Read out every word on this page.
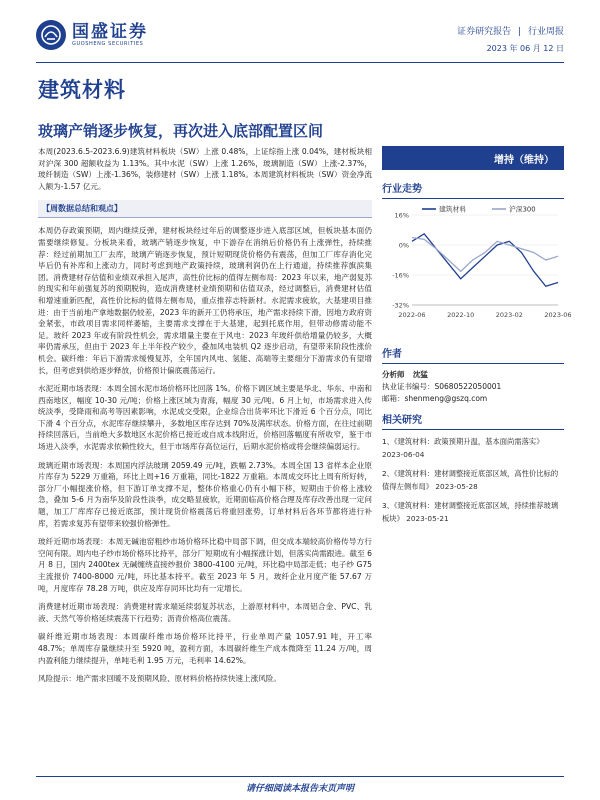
国盛证券
GUOSHENG SECURITIES
证券研究报告 | 行业周报
2023 年 06 月 12 日
建筑材料
玻璃产销逐步恢复，再次进入底部配置区间

本周(2023.6.5-2023.6.9)建筑材料板块（SW）上涨 0.48%，上证综指上涨 0.04%，建材板块相对沪深 300 超额收益为 1.13%。其中水泥（SW）上涨 1.26%，玻璃制造（SW）上涨-2.37%，玻纤制造（SW）上涨-1.36%，装修建材（SW）上涨 1.18%。本周建筑材料板块（SW）资金净流入额为-1.57 亿元。

【周数据总结和观点】

本周仍存政策预期，周内继续反弹，建材板块经过年后的调整逐步进入底部区域，但板块基本面仍需要继续修复。分板块来看，玻璃产销逐步恢复，中下游存在消纳后价格仍有上涨弹性，持续推荐：经过前期加工厂去库，玻璃产销逐步恢复，预计短期现货价格仍有震荡，但加工厂库存消化完毕后仍有补库和上涨动力，同时考虑到地产政策持续，玻璃利润仍在上行通道，持续推荐旗滨集团。消费建材存估值和业绩双承担入尾声，高性价比标的值得左侧布局：2023 年以来，地产弱复苏的现实和年前强复苏的预期脱钩，造成消费建材业绩预期和估值双杀，经过调整后，消费建材估值和增速重新匹配，高性价比标的值得左侧布局，重点推荐志特新材。水泥需求疲软，大基建项目推进：由于当前地产拿地数据仍较差，2023 年的新开工仍将承压，地产需求持续下滑，因地方政府资金紧张，市政项目需求同样萎缩，主要需求支撑在于大基建，起到托底作用，但带动修需动能不足。玻纤 2023 年或有阶段性机会，需求增量主要在于风电：2023 年玻纤供给增量仍较多，大概率仍需承压，但由于 2023 年上半年投产较少，叠加风电装机 Q2 逐步启动，有望带来阶段性涨价机会。碳纤维：年后下游需求缓慢复苏，全年国内风电、氢能、高端等主要细分下游需求仍有望增长，但考虑到供给逐步释放，价格预计偏底震荡运行。

水泥近期市场表现：本周全国水泥市场价格环比回落 1%。价格下调区域主要是华北、华东、中南和西南地区，幅度 10-30 元/吨；价格上涨区域为青海，幅度 30 元/吨。6 月上旬，市场需求进入传统淡季，受降雨和高考等因素影响，水泥成交受限，企业综合出货率环比下滑近 6 个百分点，同比下滑 4 个百分点，水泥库存继续攀升，多数地区库存达到 70%及满库状态。价格方面，在往过前期持续回落后，当前绝大多数地区水泥价格已接近或自成本线附近，价格回落幅度有所收窄，鉴于市场进入淡季，水泥需求依赖性较大，但于市场库存高位运行，后期水泥价格或将会继续偏弱运行。

玻璃近期市场表现：本周国内浮法玻璃 2059.49 元/吨，跌幅 2.73%。本周全国 13 省样本企业原片库存为 5229 万重箱，环比上周+16 万重箱，同比-1822 万重箱。本周成交环比上周有所好转，部分厂小幅提涨价格，但下游订单支撑不足，整体价格重心仍有小幅下移，短期由于价格上涨较急，叠加 5-6 月为南华及阶段性淡季，成交略显疲软，近期面临高价格合理及库存改善出现一定问题，加工厂库库存已接近底部，预计现货价格震荡后将重回涨势，订单材料后各环节都将进行补库，若需求复苏有望带来较强价格弹性。

玻纤近期市场表现：本周无碱池窑粗纱市场价格环比稳中局部下调，但交成本端较高价格传导方行空间有限。周内电子纱市场价格环比持平，部分厂短期成有小幅探涨计划，但落实尚需跟进。截至 6 月 8 日，国内 2400tex 无碱缠绕直接纱报价 3800-4100 元/吨，环比稳中局部走低；电子纱 G75 主流报价 7400-8000 元/吨，环比基本持平。截至 2023 年 5 月，玻纤企业月度产能 57.67 万吨，月度库存 78.28 万吨，供应及库存同环比均有一定增长。

消费建材近期市场表现：消费建材需求端延续弱复苏状态，上游原材料中，本周铝合金、PVC、乳液、天然气等价格延续震荡下行趋势；沥青价格高位震荡。

碳纤维近期市场表现：本周碳纤维市场价格环比持平，行业单周产量 1057.91 吨，开工率 48.7%；单周库存量继续升至 5920 吨，盈利方面，本周碳纤维生产成本微降至 11.24 万/吨，周内盈利能力继续提升，单吨毛利 1.95 万元，毛利率 14.62%。

风险提示：地产需求回暖不及预期风险、原材料价格持续快速上涨风险。

增持（维持）
行业走势
16%
0%
-16%
-32%
2022-06	2022-10	2023-02	2023-06
建筑材料	沪深300
作者
分析师 沈猛
执业证书编号：S0680522050001
邮箱：shenmeng@gszq.com
相关研究
1、《建筑材料：政策预期升温，基本面尚需落实》 2023-06-04
2、《建筑材料：建材调整接近底部区域，高性价比标的值得左侧布局》 2023-05-28
3、《建筑材料：建材调整接近底部区域，持续推荐玻璃板块》 2023-05-21
请仔细阅读本报告末页声明
